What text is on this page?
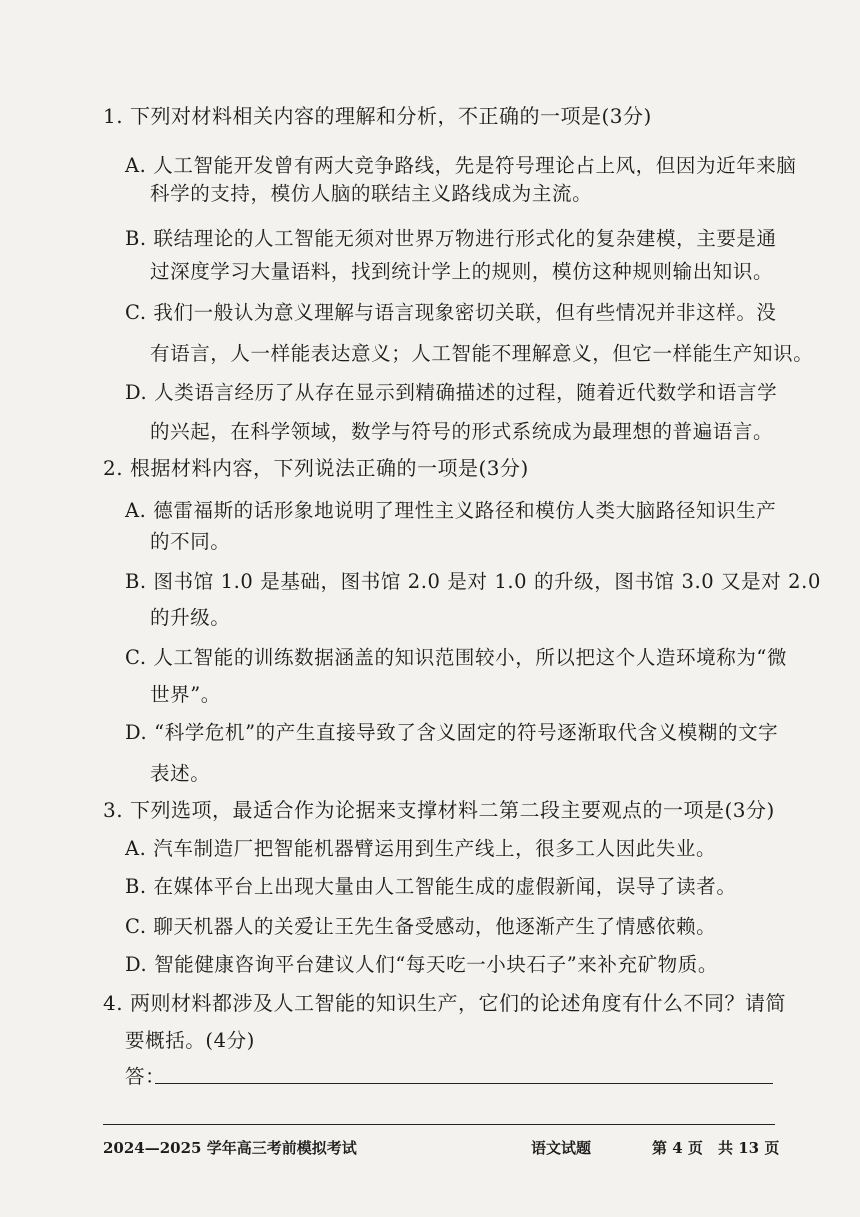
1. 下列对材料相关内容的理解和分析，不正确的一项是(3分)
A. 人工智能开发曾有两大竞争路线，先是符号理论占上风，但因为近年来脑
科学的支持，模仿人脑的联结主义路线成为主流。
B. 联结理论的人工智能无须对世界万物进行形式化的复杂建模，主要是通
过深度学习大量语料，找到统计学上的规则，模仿这种规则输出知识。
C. 我们一般认为意义理解与语言现象密切关联，但有些情况并非这样。没
有语言，人一样能表达意义；人工智能不理解意义，但它一样能生产知识。
D. 人类语言经历了从存在显示到精确描述的过程，随着近代数学和语言学
的兴起，在科学领域，数学与符号的形式系统成为最理想的普遍语言。
2. 根据材料内容，下列说法正确的一项是(3分)
A. 德雷福斯的话形象地说明了理性主义路径和模仿人类大脑路径知识生产
的不同。
B. 图书馆 1.0 是基础，图书馆 2.0 是对 1.0 的升级，图书馆 3.0 又是对 2.0
的升级。
C. 人工智能的训练数据涵盖的知识范围较小，所以把这个人造环境称为“微
世界”。
D. “科学危机”的产生直接导致了含义固定的符号逐渐取代含义模糊的文字
表述。
3. 下列选项，最适合作为论据来支撑材料二第二段主要观点的一项是(3分)
A. 汽车制造厂把智能机器臂运用到生产线上，很多工人因此失业。
B. 在媒体平台上出现大量由人工智能生成的虚假新闻，误导了读者。
C. 聊天机器人的关爱让王先生备受感动，他逐渐产生了情感依赖。
D. 智能健康咨询平台建议人们“每天吃一小块石子”来补充矿物质。
4. 两则材料都涉及人工智能的知识生产，它们的论述角度有什么不同？请简
要概括。(4分)
答：
2024—2025 学年高三考前模拟考试	语文试题	第 4 页 共 13 页
